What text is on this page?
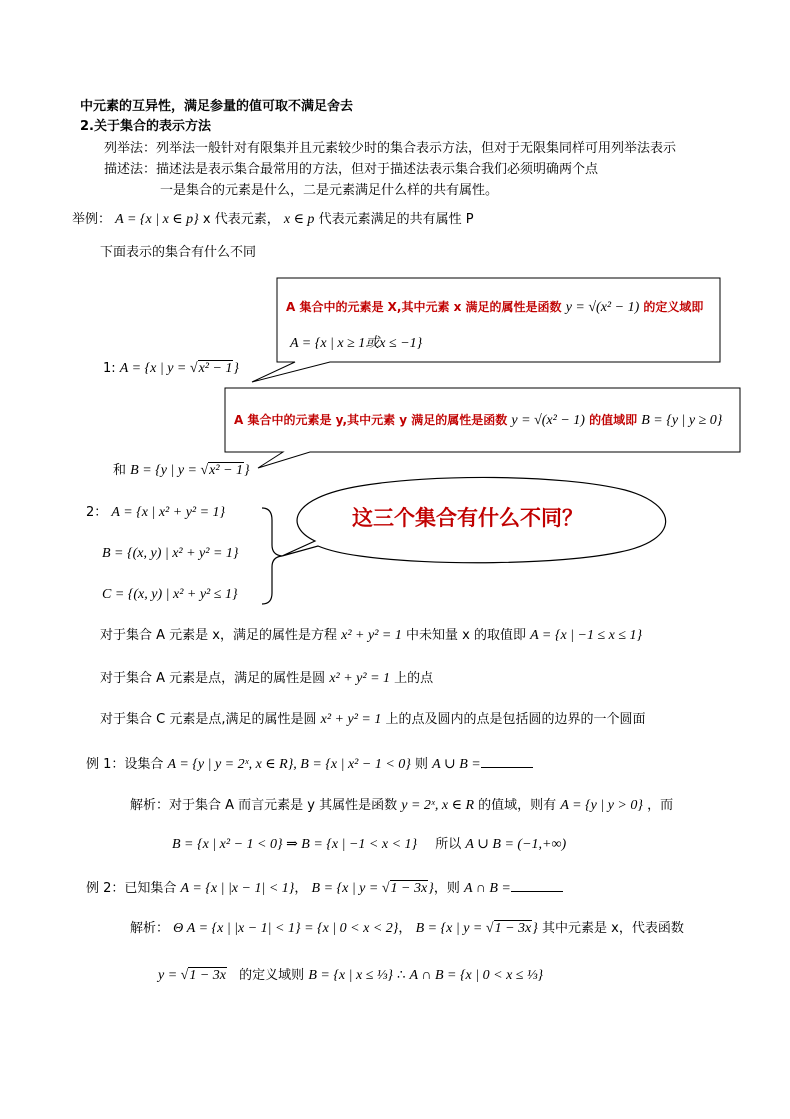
中元素的互异性，满足参量的值可取不满足舍去
2.关于集合的表示方法
列举法：列举法一般针对有限集并且元素较少时的集合表示方法，但对于无限集同样可用列举法表示
描述法：描述法是表示集合最常用的方法，但对于描述法表示集合我们必须明确两个点
一是集合的元素是什么，二是元素满足什么样的共有属性。
举例： A = {x | x ∈ p} x 代表元素， x ∈ p 代表元素满足的共有属性 P
下面表示的集合有什么不同
A 集合中的元素是 X,其中元素 x 满足的属性是函数 y = √(x² − 1) 的定义域即
A = {x | x ≥ 1或x ≤ −1}
1: A = {x | y = √x² − 1}
A 集合中的元素是 y,其中元素 y 满足的属性是函数 y = √(x² − 1) 的值域即 B = {y | y ≥ 0}
和 B = {y | y = √x² − 1}
2： A = {x | x² + y² = 1}
B = {(x, y) | x² + y² = 1}
C = {(x, y) | x² + y² ≤ 1}
这三个集合有什么不同？
对于集合 A 元素是 x，满足的属性是方程 x² + y² = 1 中未知量 x 的取值即 A = {x | −1 ≤ x ≤ 1}
对于集合 A 元素是点，满足的属性是圆 x² + y² = 1 上的点
对于集合 C 元素是点,满足的属性是圆 x² + y² = 1 上的点及圆内的点是包括圆的边界的一个圆面
例 1：设集合 A = {y | y = 2ˣ, x ∈ R}, B = {x | x² − 1 < 0} 则 A ∪ B =
解析：对于集合 A 而言元素是 y 其属性是函数 y = 2ˣ, x ∈ R 的值域，则有 A = {y | y > 0} ，而
B = {x | x² − 1 < 0} ⇒ B = {x | −1 < x < 1} 所以 A ∪ B = (−1,+∞)
例 2：已知集合 A = {x | |x − 1| < 1}， B = {x | y = √1 − 3x}，则 A ∩ B =
解析： Θ A = {x | |x − 1| < 1} = {x | 0 < x < 2}， B = {x | y = √1 − 3x} 其中元素是 x，代表函数
y = √1 − 3x 的定义域则 B = {x | x ≤ ⅓} ∴ A ∩ B = {x | 0 < x ≤ ⅓}
